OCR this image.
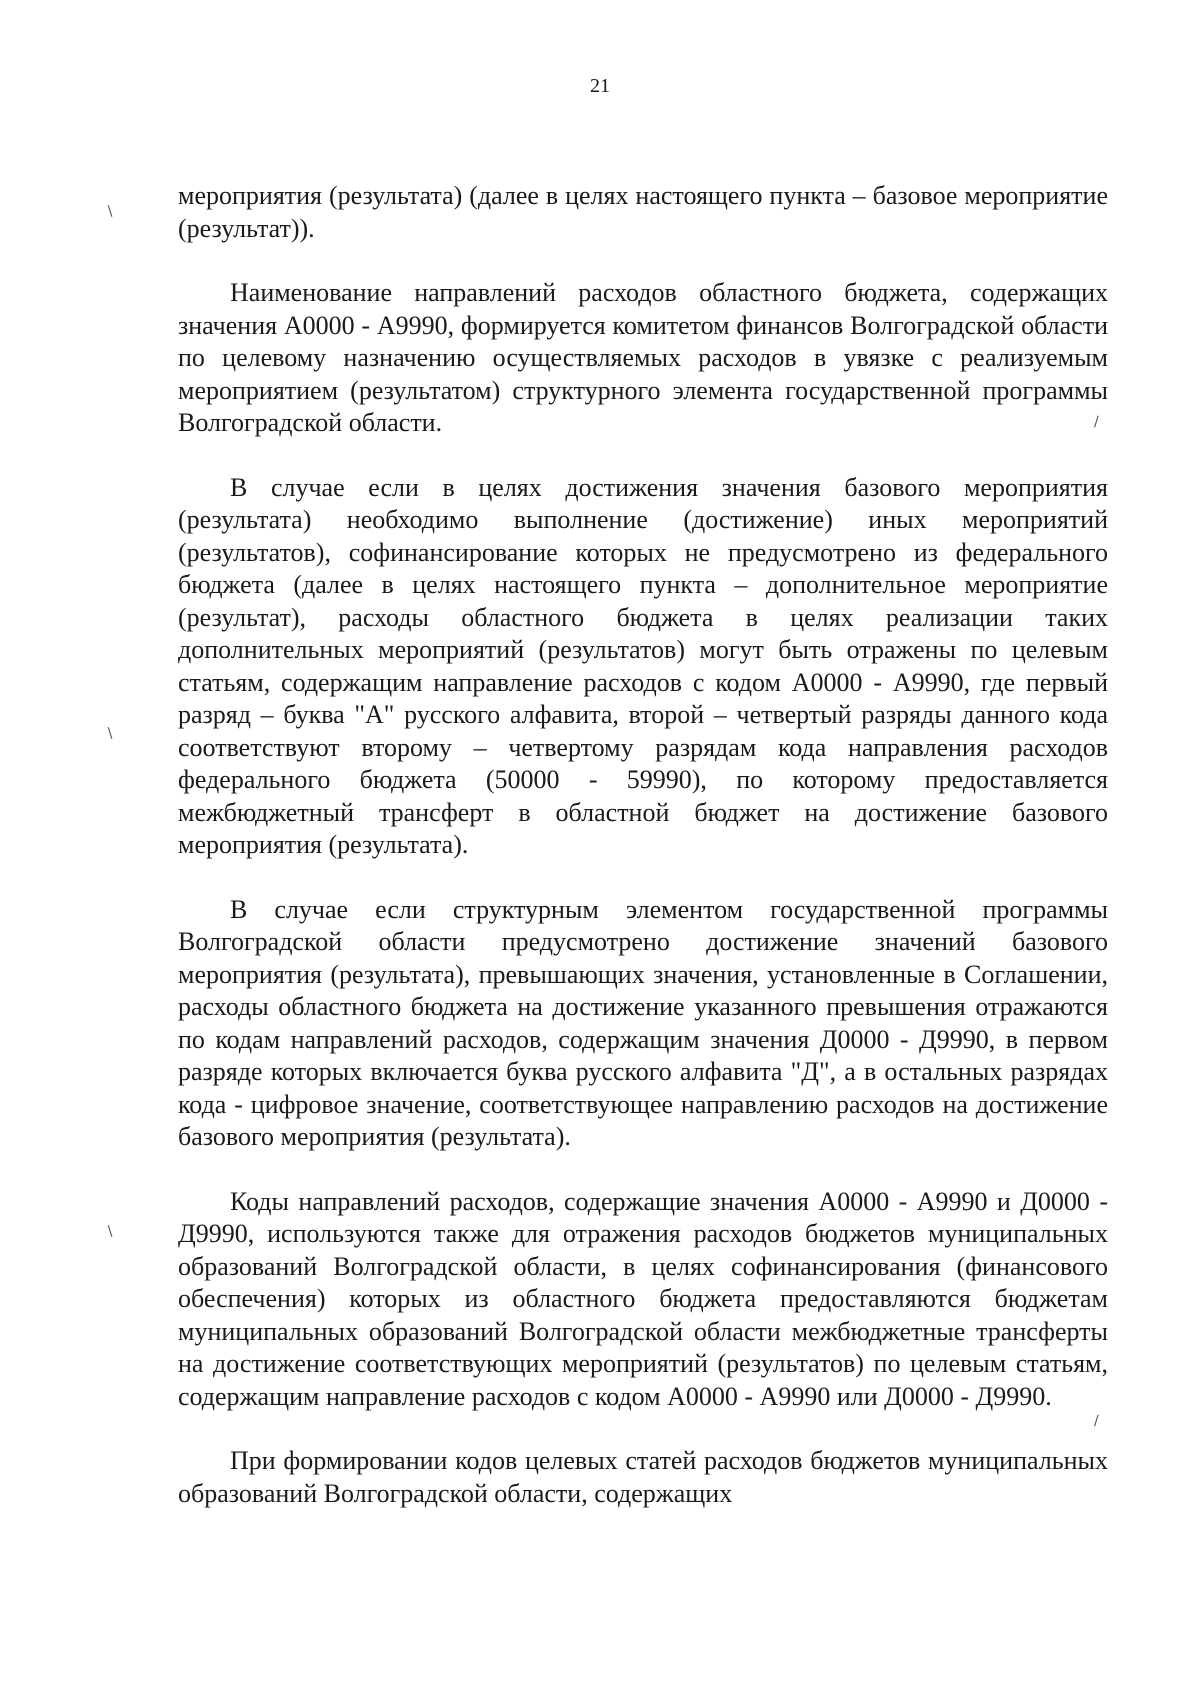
21
∖
∖
∖
∕
∕

мероприятия (результата) (далее в целях настоящего пункта – базовое мероприятие (результат)).

Наименование направлений расходов областного бюджета, содержащих значения А0000 - А9990, формируется комитетом финансов Волгоградской области по целевому назначению осуществляемых расходов в увязке с реализуемым мероприятием (результатом) структурного элемента государственной программы Волгоградской области.

В случае если в целях достижения значения базового мероприятия (результата) необходимо выполнение (достижение) иных мероприятий (результатов), софинансирование которых не предусмотрено из федерального бюджета (далее в целях настоящего пункта – дополнительное мероприятие (результат), расходы областного бюджета в целях реализации таких дополнительных мероприятий (результатов) могут быть отражены по целевым статьям, содержащим направление расходов с кодом А0000 - А9990, где первый разряд – буква "А" русского алфавита, второй – четвертый разряды данного кода соответствуют второму – четвертому разрядам кода направления расходов федерального бюджета (50000 - 59990), по которому предоставляется межбюджетный трансферт в областной бюджет на достижение базового мероприятия (результата).

В случае если структурным элементом государственной программы Волгоградской области предусмотрено достижение значений базового мероприятия (результата), превышающих значения, установленные в Соглашении, расходы областного бюджета на достижение указанного превышения отражаются по кодам направлений расходов, содержащим значения Д0000 - Д9990, в первом разряде которых включается буква русского алфавита "Д", а в остальных разрядах кода - цифровое значение, соответствующее направлению расходов на достижение базового мероприятия (результата).

Коды направлений расходов, содержащие значения А0000 - А9990 и Д0000 - Д9990, используются также для отражения расходов бюджетов муниципальных образований Волгоградской области, в целях софинансирования (финансового обеспечения) которых из областного бюджета предоставляются бюджетам муниципальных образований Волгоградской области межбюджетные трансферты на достижение соответствующих мероприятий (результатов) по целевым статьям, содержащим направление расходов с кодом А0000 - А9990 или Д0000 - Д9990.

При формировании кодов целевых статей расходов бюджетов муниципальных образований Волгоградской области, содержащих
